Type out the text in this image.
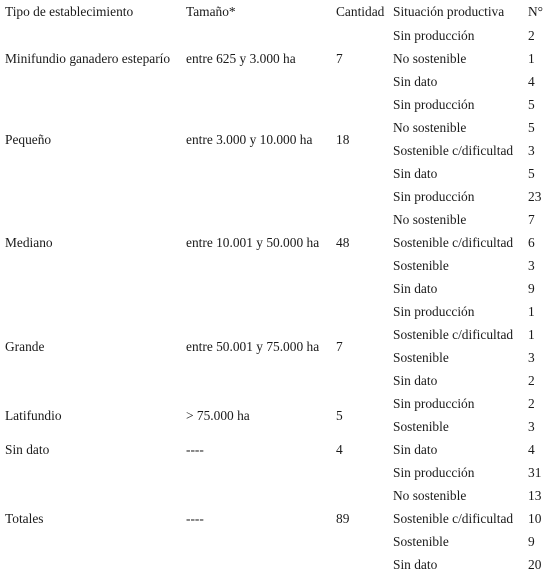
Tipo de establecimiento	Tamaño*	Cantidad	Situación productiva	N°
Minifundio ganadero esteparío	entre 625 y 3.000 ha	7	Sin producción	2
			No sostenible	1
			Sin dato	4
Pequeño	entre 3.000 y 10.000 ha	18	Sin producción	5
			No sostenible	5
			Sostenible c/dificultad	3
			Sin dato	5
Mediano	entre 10.001 y 50.000 ha	48	Sin producción	23
			No sostenible	7
			Sostenible c/dificultad	6
			Sostenible	3
			Sin dato	9
Grande	entre 50.001 y 75.000 ha	7	Sin producción	1
			Sostenible c/dificultad	1
			Sostenible	3
			Sin dato	2
Latifundio	> 75.000 ha	5	Sin producción	2
			Sostenible	3
Sin dato	----	4	Sin dato	4
Totales	----	89	Sin producción	31
			No sostenible	13
			Sostenible c/dificultad	10
			Sostenible	9
			Sin dato	20
